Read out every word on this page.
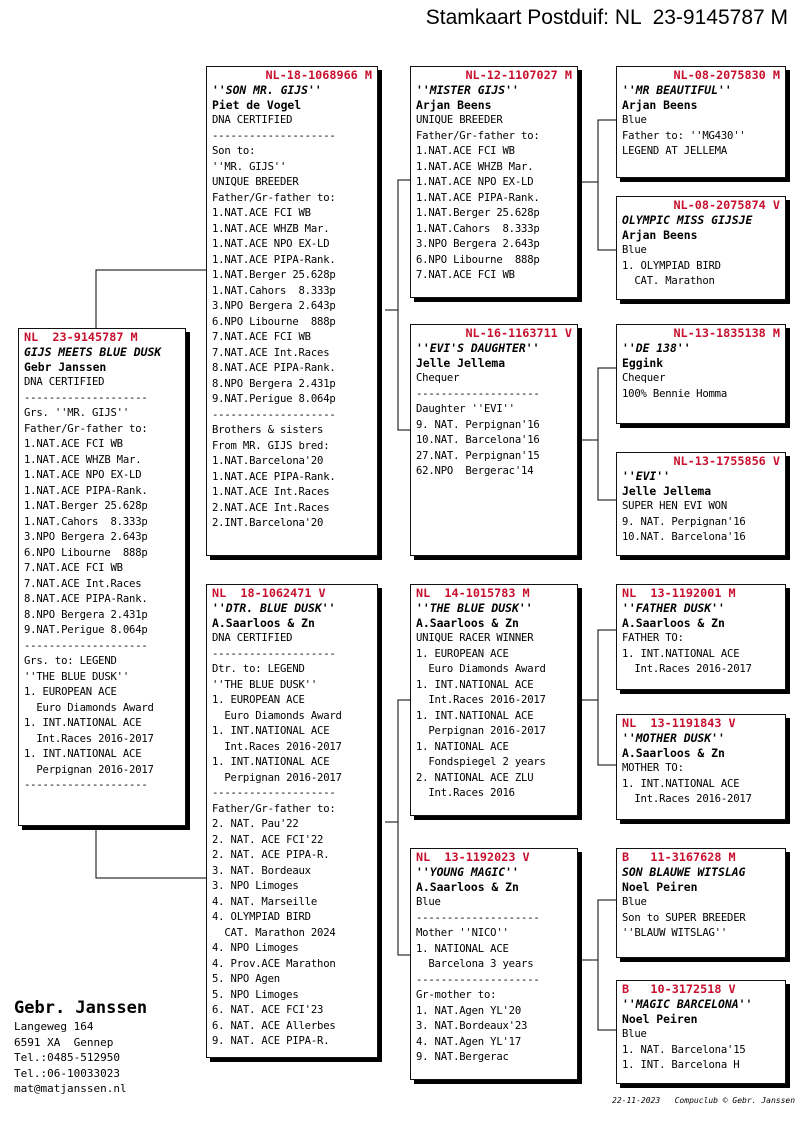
Stamkaart Postduif: NL  23-9145787 M
NL  23-9145787 M
GIJS MEETS BLUE DUSK
Gebr Janssen
DNA CERTIFIED
--------------------
Grs. ''MR. GIJS''
Father/Gr-father to:
1.NAT.ACE FCI WB
1.NAT.ACE WHZB Mar.
1.NAT.ACE NPO EX-LD
1.NAT.ACE PIPA-Rank.
1.NAT.Berger 25.628p
1.NAT.Cahors  8.333p
3.NPO Bergera 2.643p
6.NPO Libourne  888p
7.NAT.ACE FCI WB
7.NAT.ACE Int.Races
8.NAT.ACE PIPA-Rank.
8.NPO Bergera 2.431p
9.NAT.Perigue 8.064p
--------------------
Grs. to: LEGEND
''THE BLUE DUSK''
1. EUROPEAN ACE
Euro Diamonds Award
1. INT.NATIONAL ACE
Int.Races 2016-2017
1. INT.NATIONAL ACE
Perpignan 2016-2017
--------------------
NL-18-1068966 M
''SON MR. GIJS''
Piet de Vogel
DNA CERTIFIED
--------------------
Son to:
''MR. GIJS''
UNIQUE BREEDER
Father/Gr-father to:
1.NAT.ACE FCI WB
1.NAT.ACE WHZB Mar.
1.NAT.ACE NPO EX-LD
1.NAT.ACE PIPA-Rank.
1.NAT.Berger 25.628p
1.NAT.Cahors  8.333p
3.NPO Bergera 2.643p
6.NPO Libourne  888p
7.NAT.ACE FCI WB
7.NAT.ACE Int.Races
8.NAT.ACE PIPA-Rank.
8.NPO Bergera 2.431p
9.NAT.Perigue 8.064p
--------------------
Brothers & sisters
From MR. GIJS bred:
1.NAT.Barcelona'20
1.NAT.ACE PIPA-Rank.
1.NAT.ACE Int.Races
2.NAT.ACE Int.Races
2.INT.Barcelona'20
NL  18-1062471 V
''DTR. BLUE DUSK''
A.Saarloos & Zn
DNA CERTIFIED
--------------------
Dtr. to: LEGEND
''THE BLUE DUSK''
1. EUROPEAN ACE
Euro Diamonds Award
1. INT.NATIONAL ACE
Int.Races 2016-2017
1. INT.NATIONAL ACE
Perpignan 2016-2017
--------------------
Father/Gr-father to:
2. NAT. Pau'22
2. NAT. ACE FCI'22
2. NAT. ACE PIPA-R.
3. NAT. Bordeaux
3. NPO Limoges
4. NAT. Marseille
4. OLYMPIAD BIRD
CAT. Marathon 2024
4. NPO Limoges
4. Prov.ACE Marathon
5. NPO Agen
5. NPO Limoges
6. NAT. ACE FCI'23
6. NAT. ACE Allerbes
9. NAT. ACE PIPA-R.
NL-12-1107027 M
''MISTER GIJS''
Arjan Beens
UNIQUE BREEDER
Father/Gr-father to:
1.NAT.ACE FCI WB
1.NAT.ACE WHZB Mar.
1.NAT.ACE NPO EX-LD
1.NAT.ACE PIPA-Rank.
1.NAT.Berger 25.628p
1.NAT.Cahors  8.333p
3.NPO Bergera 2.643p
6.NPO Libourne  888p
7.NAT.ACE FCI WB
NL-16-1163711 V
''EVI'S DAUGHTER''
Jelle Jellema
Chequer
--------------------
Daughter ''EVI''
9. NAT. Perpignan'16
10.NAT. Barcelona'16
27.NAT. Perpignan'15
62.NPO  Bergerac'14
NL  14-1015783 M
''THE BLUE DUSK''
A.Saarloos & Zn
UNIQUE RACER WINNER
1. EUROPEAN ACE
Euro Diamonds Award
1. INT.NATIONAL ACE
Int.Races 2016-2017
1. INT.NATIONAL ACE
Perpignan 2016-2017
1. NATIONAL ACE
Fondspiegel 2 years
2. NATIONAL ACE ZLU
Int.Races 2016
NL  13-1192023 V
''YOUNG MAGIC''
A.Saarloos & Zn
Blue
--------------------
Mother ''NICO''
1. NATIONAL ACE
Barcelona 3 years
--------------------
Gr-mother to:
1. NAT.Agen YL'20
3. NAT.Bordeaux'23
4. NAT.Agen YL'17
9. NAT.Bergerac
NL-08-2075830 M
''MR BEAUTIFUL''
Arjan Beens
Blue
Father to: ''MG430''
LEGEND AT JELLEMA
NL-08-2075874 V
OLYMPIC MISS GIJSJE
Arjan Beens
Blue
1. OLYMPIAD BIRD
CAT. Marathon
NL-13-1835138 M
''DE 138''
Eggink
Chequer
100% Bennie Homma
NL-13-1755856 V
''EVI''
Jelle Jellema
SUPER HEN EVI WON
9. NAT. Perpignan'16
10.NAT. Barcelona'16
NL  13-1192001 M
''FATHER DUSK''
A.Saarloos & Zn
FATHER TO:
1. INT.NATIONAL ACE
Int.Races 2016-2017
NL  13-1191843 V
''MOTHER DUSK''
A.Saarloos & Zn
MOTHER TO:
1. INT.NATIONAL ACE
Int.Races 2016-2017
B   11-3167628 M
SON BLAUWE WITSLAG
Noel Peiren
Blue
Son to SUPER BREEDER
''BLAUW WITSLAG''
B   10-3172518 V
''MAGIC BARCELONA''
Noel Peiren
Blue
1. NAT. Barcelona'15
1. INT. Barcelona H
Gebr. Janssen
Langeweg 164
6591 XA  Gennep
Tel.:0485-512950
Tel.:06-10033023
mat@matjanssen.nl
22-11-2023   Compuclub © Gebr. Janssen
